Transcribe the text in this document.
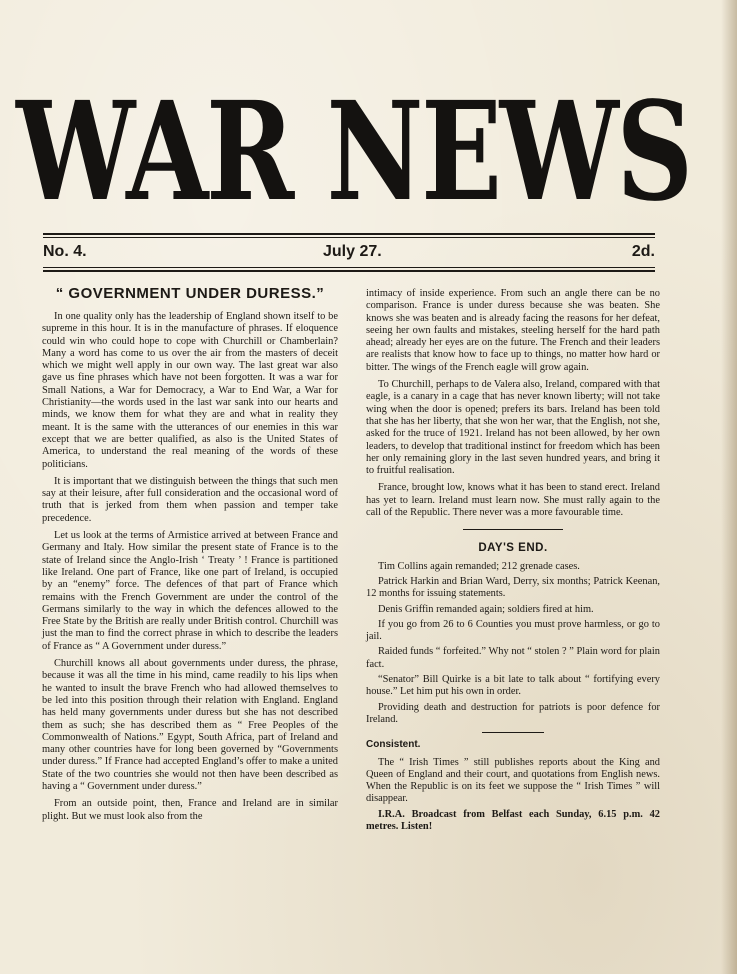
WAR NEWS
No. 4.	July 27.	2d.
“ GOVERNMENT UNDER DURESS.”

In one quality only has the leadership of England shown itself to be supreme in this hour. It is in the manufacture of phrases. If eloquence could win who could hope to cope with Churchill or Chamberlain? Many a word has come to us over the air from the masters of deceit which we might well apply in our own way. The last great war also gave us fine phrases which have not been forgotten. It was a war for Small Nations, a War for Democracy, a War to End War, a War for Christianity—the words used in the last war sank into our hearts and minds, we know them for what they are and what in reality they meant. It is the same with the utterances of our enemies in this war except that we are better qualified, as also is the United States of America, to understand the real meaning of the words of these politicians.

It is important that we distinguish between the things that such men say at their leisure, after full consideration and the occasional word of truth that is jerked from them when passion and temper take precedence.

Let us look at the terms of Armistice arrived at between France and Germany and Italy. How similar the present state of France is to the state of Ireland since the Anglo-Irish ‘ Treaty ’ ! France is partitioned like Ireland. One part of France, like one part of Ireland, is occupied by an “enemy” force. The defences of that part of France which remains with the French Government are under the control of the Germans similarly to the way in which the defences allowed to the Free State by the British are really under British control. Churchill was just the man to find the correct phrase in which to describe the leaders of France as “ A Government under duress.”

Churchill knows all about governments under duress, the phrase, because it was all the time in his mind, came readily to his lips when he wanted to insult the brave French who had allowed themselves to be led into this position through their relation with England. England has held many governments under duress but she has not described them as such; she has described them as “ Free Peoples of the Commonwealth of Nations.” Egypt, South Africa, part of Ireland and many other countries have for long been governed by “Governments under duress.” If France had accepted England’s offer to make a united State of the two countries she would not then have been described as having a “ Government under duress.”

From an outside point, then, France and Ireland are in similar plight. But we must look also from the

intimacy of inside experience. From such an angle there can be no comparison. France is under duress because she was beaten. She knows she was beaten and is already facing the reasons for her defeat, seeing her own faults and mistakes, steeling herself for the hard path ahead; already her eyes are on the future. The French and their leaders are realists that know how to face up to things, no matter how hard or bitter. The wings of the French eagle will grow again.

To Churchill, perhaps to de Valera also, Ireland, compared with that eagle, is a canary in a cage that has never known liberty; will not take wing when the door is opened; prefers its bars. Ireland has been told that she has her liberty, that she won her war, that the English, not she, asked for the truce of 1921. Ireland has not been allowed, by her own leaders, to develop that traditional instinct for freedom which has been her only remaining glory in the last seven hundred years, and bring it to fruitful realisation.

France, brought low, knows what it has been to stand erect. Ireland has yet to learn. Ireland must learn now. She must rally again to the call of the Republic. There never was a more favourable time.

DAY'S END.

Tim Collins again remanded; 212 grenade cases.

Patrick Harkin and Brian Ward, Derry, six months; Patrick Keenan, 12 months for issuing statements.

Denis Griffin remanded again; soldiers fired at him.

If you go from 26 to 6 Counties you must prove harmless, or go to jail.

Raided funds “ forfeited.” Why not “ stolen ? ” Plain word for plain fact.

“Senator” Bill Quirke is a bit late to talk about “ fortifying every house.” Let him put his own in order.

Providing death and destruction for patriots is poor defence for Ireland.

Consistent.

The “ Irish Times ” still publishes reports about the King and Queen of England and their court, and quotations from English news. When the Republic is on its feet we suppose the “ Irish Times ” will disappear.

I.R.A. Broadcast from Belfast each Sunday, 6.15 p.m. 42 metres. Listen!
